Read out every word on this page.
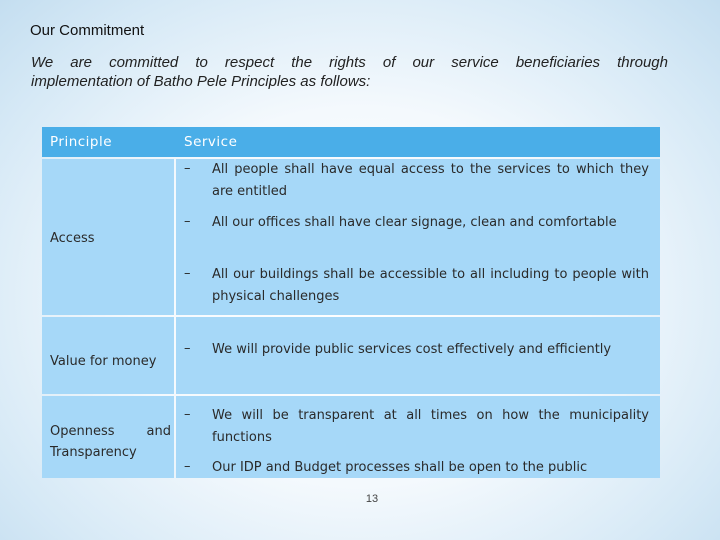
Our Commitment
We are committed to respect the rights of our service beneficiaries through
implementation of Batho Pele Principles as follows:
Principle	Service
Access
– All people shall have equal access to the services to which they are entitled
– All our offices shall have clear signage, clean and comfortable
– All our buildings shall be accessible to all including to people with physical challenges
Value for money
– We will provide public services cost effectively and efficiently
Openness and Transparency
– We will be transparent at all times on how the municipality functions
– Our IDP and Budget processes shall be open to the public
13
